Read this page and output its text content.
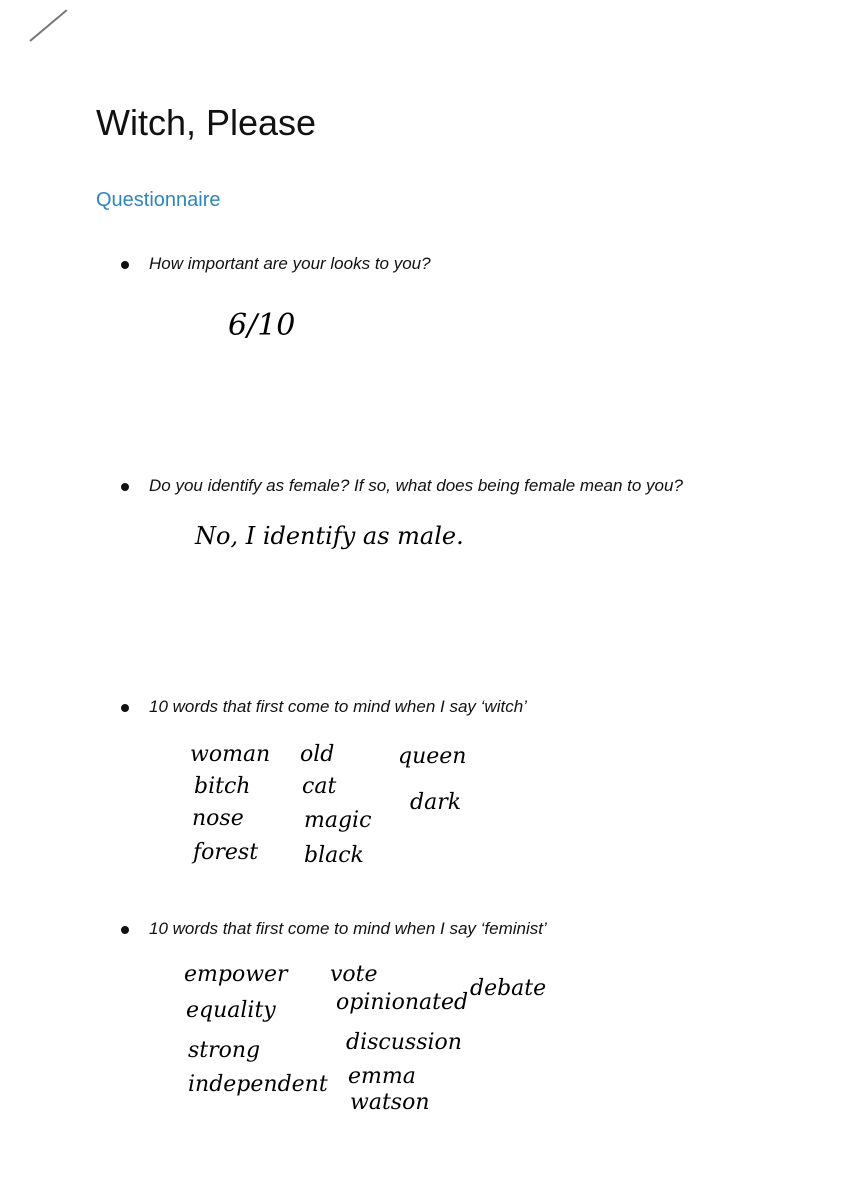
Witch, Please
Questionnaire

How important are your looks to you?

6/10

Do you identify as female? If so, what does being female mean to you?

No, I identify as male.

10 words that first come to mind when I say ‘witch’

woman

bitch

nose

forest

old

cat

magic

black

queen

dark

10 words that first come to mind when I say ‘feminist’

empower

equality

strong

independent

vote

opinionated

discussion

emma

watson

debate
